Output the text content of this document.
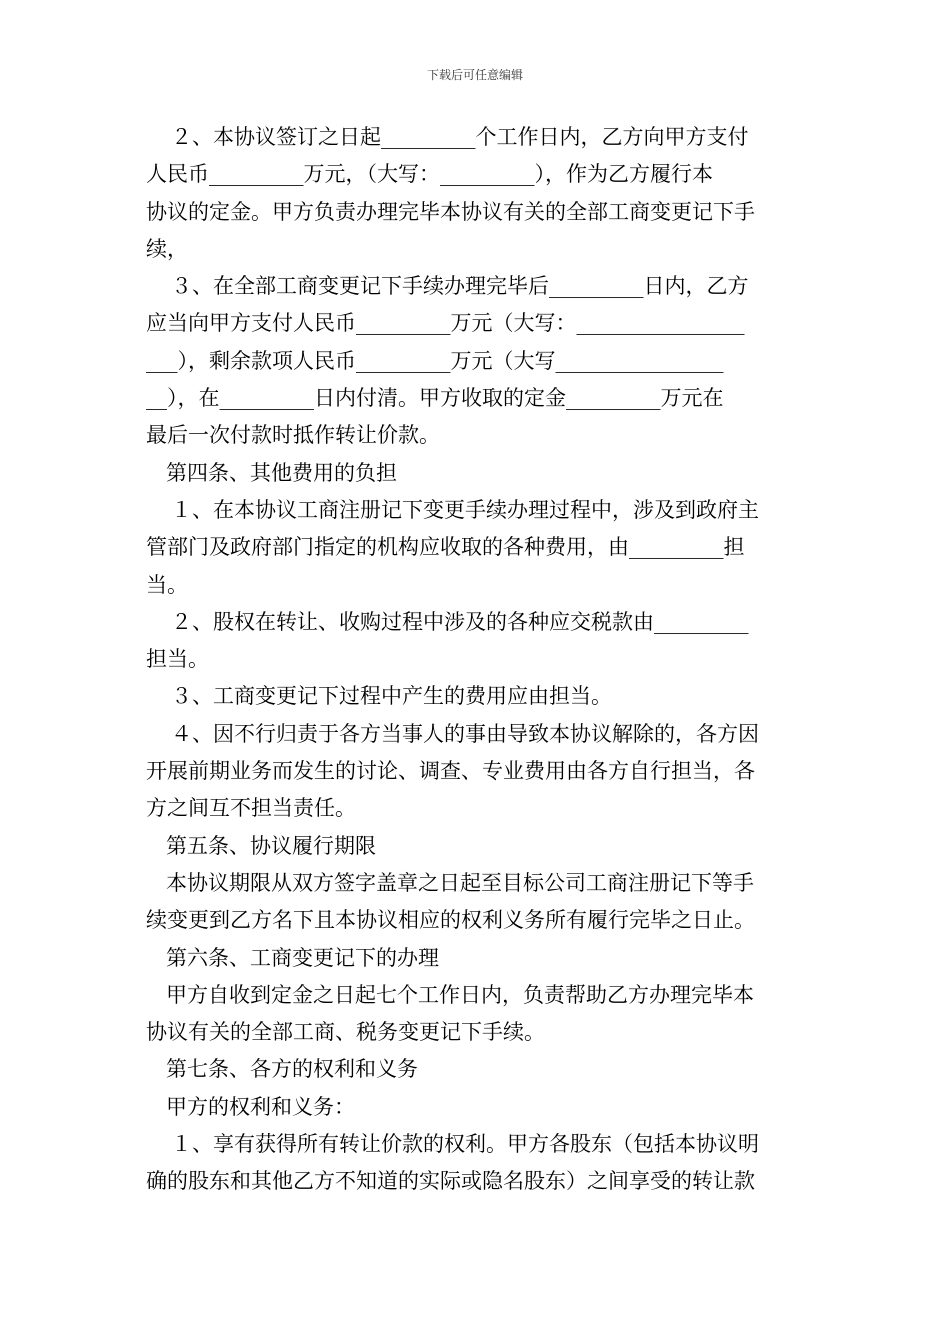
下载后可任意编辑
２、本协议签订之日起_________个工作日内，乙方向甲方支付
人民币_________万元，（大写：_________），作为乙方履行本
协议的定金。甲方负责办理完毕本协议有关的全部工商变更记下手
续，
３、在全部工商变更记下手续办理完毕后_________日内，乙方
应当向甲方支付人民币_________万元（大写：________________
___），剩余款项人民币_________万元（大写________________
__），在_________日内付清。甲方收取的定金_________万元在
最后一次付款时抵作转让价款。
第四条、其他费用的负担
１、在本协议工商注册记下变更手续办理过程中，涉及到政府主
管部门及政府部门指定的机构应收取的各种费用，由_________担
当。
２、股权在转让、收购过程中涉及的各种应交税款由_________
担当。
３、工商变更记下过程中产生的费用应由担当。
４、因不行归责于各方当事人的事由导致本协议解除的，各方因
开展前期业务而发生的讨论、调查、专业费用由各方自行担当，各
方之间互不担当责任。
第五条、协议履行期限
本协议期限从双方签字盖章之日起至目标公司工商注册记下等手
续变更到乙方名下且本协议相应的权利义务所有履行完毕之日止。
第六条、工商变更记下的办理
甲方自收到定金之日起七个工作日内，负责帮助乙方办理完毕本
协议有关的全部工商、税务变更记下手续。
第七条、各方的权利和义务
甲方的权利和义务：
１、享有获得所有转让价款的权利。甲方各股东（包括本协议明
确的股东和其他乙方不知道的实际或隐名股东）之间享受的转让款
